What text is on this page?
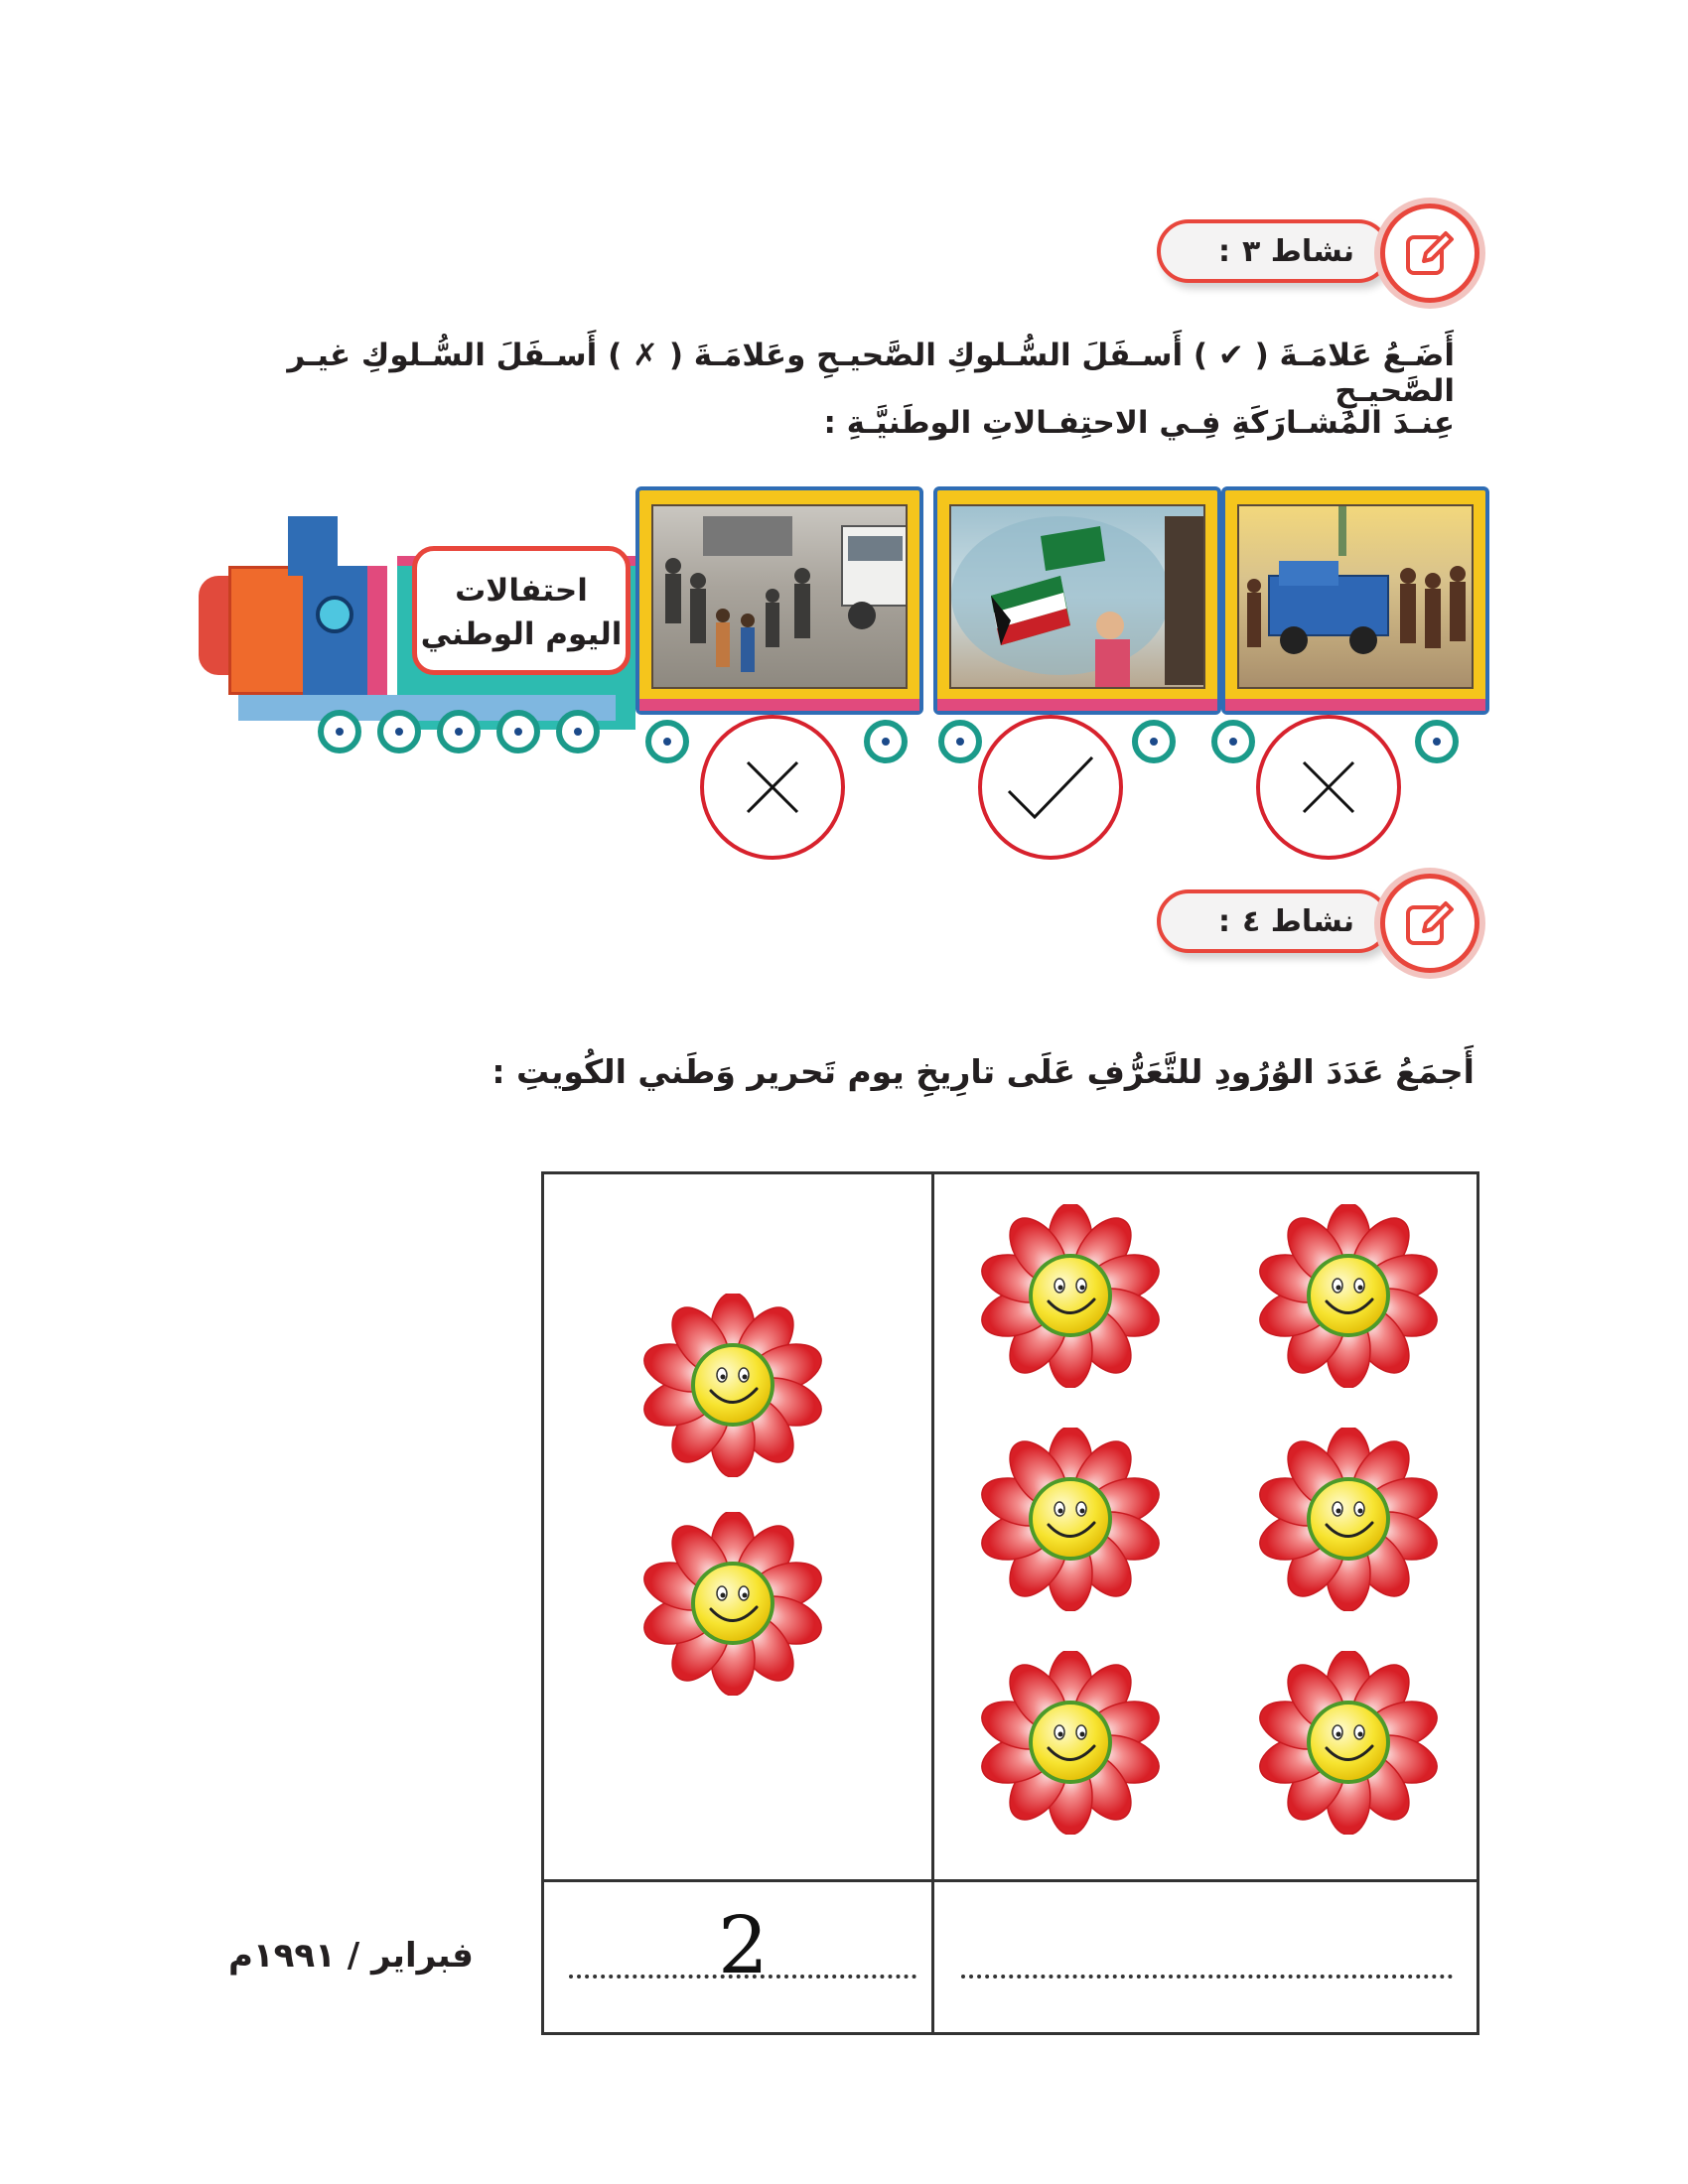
نشاط ٣
:
أَضَـعُ عَلامَـةَ ( ✔ ) أَسـفَلَ السُّـلوكِ الصَّحيـحِ وعَلامَـةَ ( ✗ ) أَسـفَلَ السُّـلوكِ غيـر الصَّحيـحِ
عِنـدَ المُشـارَكَةِ فِـي الاحتِفـالاتِ الوطَنيَّـةِ :
احتفالات اليوم الوطني
نشاط ٤
:
أَجمَعُ عَدَدَ الوُرُودِ للتَّعَرُّفِ عَلَى تارِيخِ يوم تَحرير وَطَني الكُويتِ :
2
فبراير / ١٩٩١م
